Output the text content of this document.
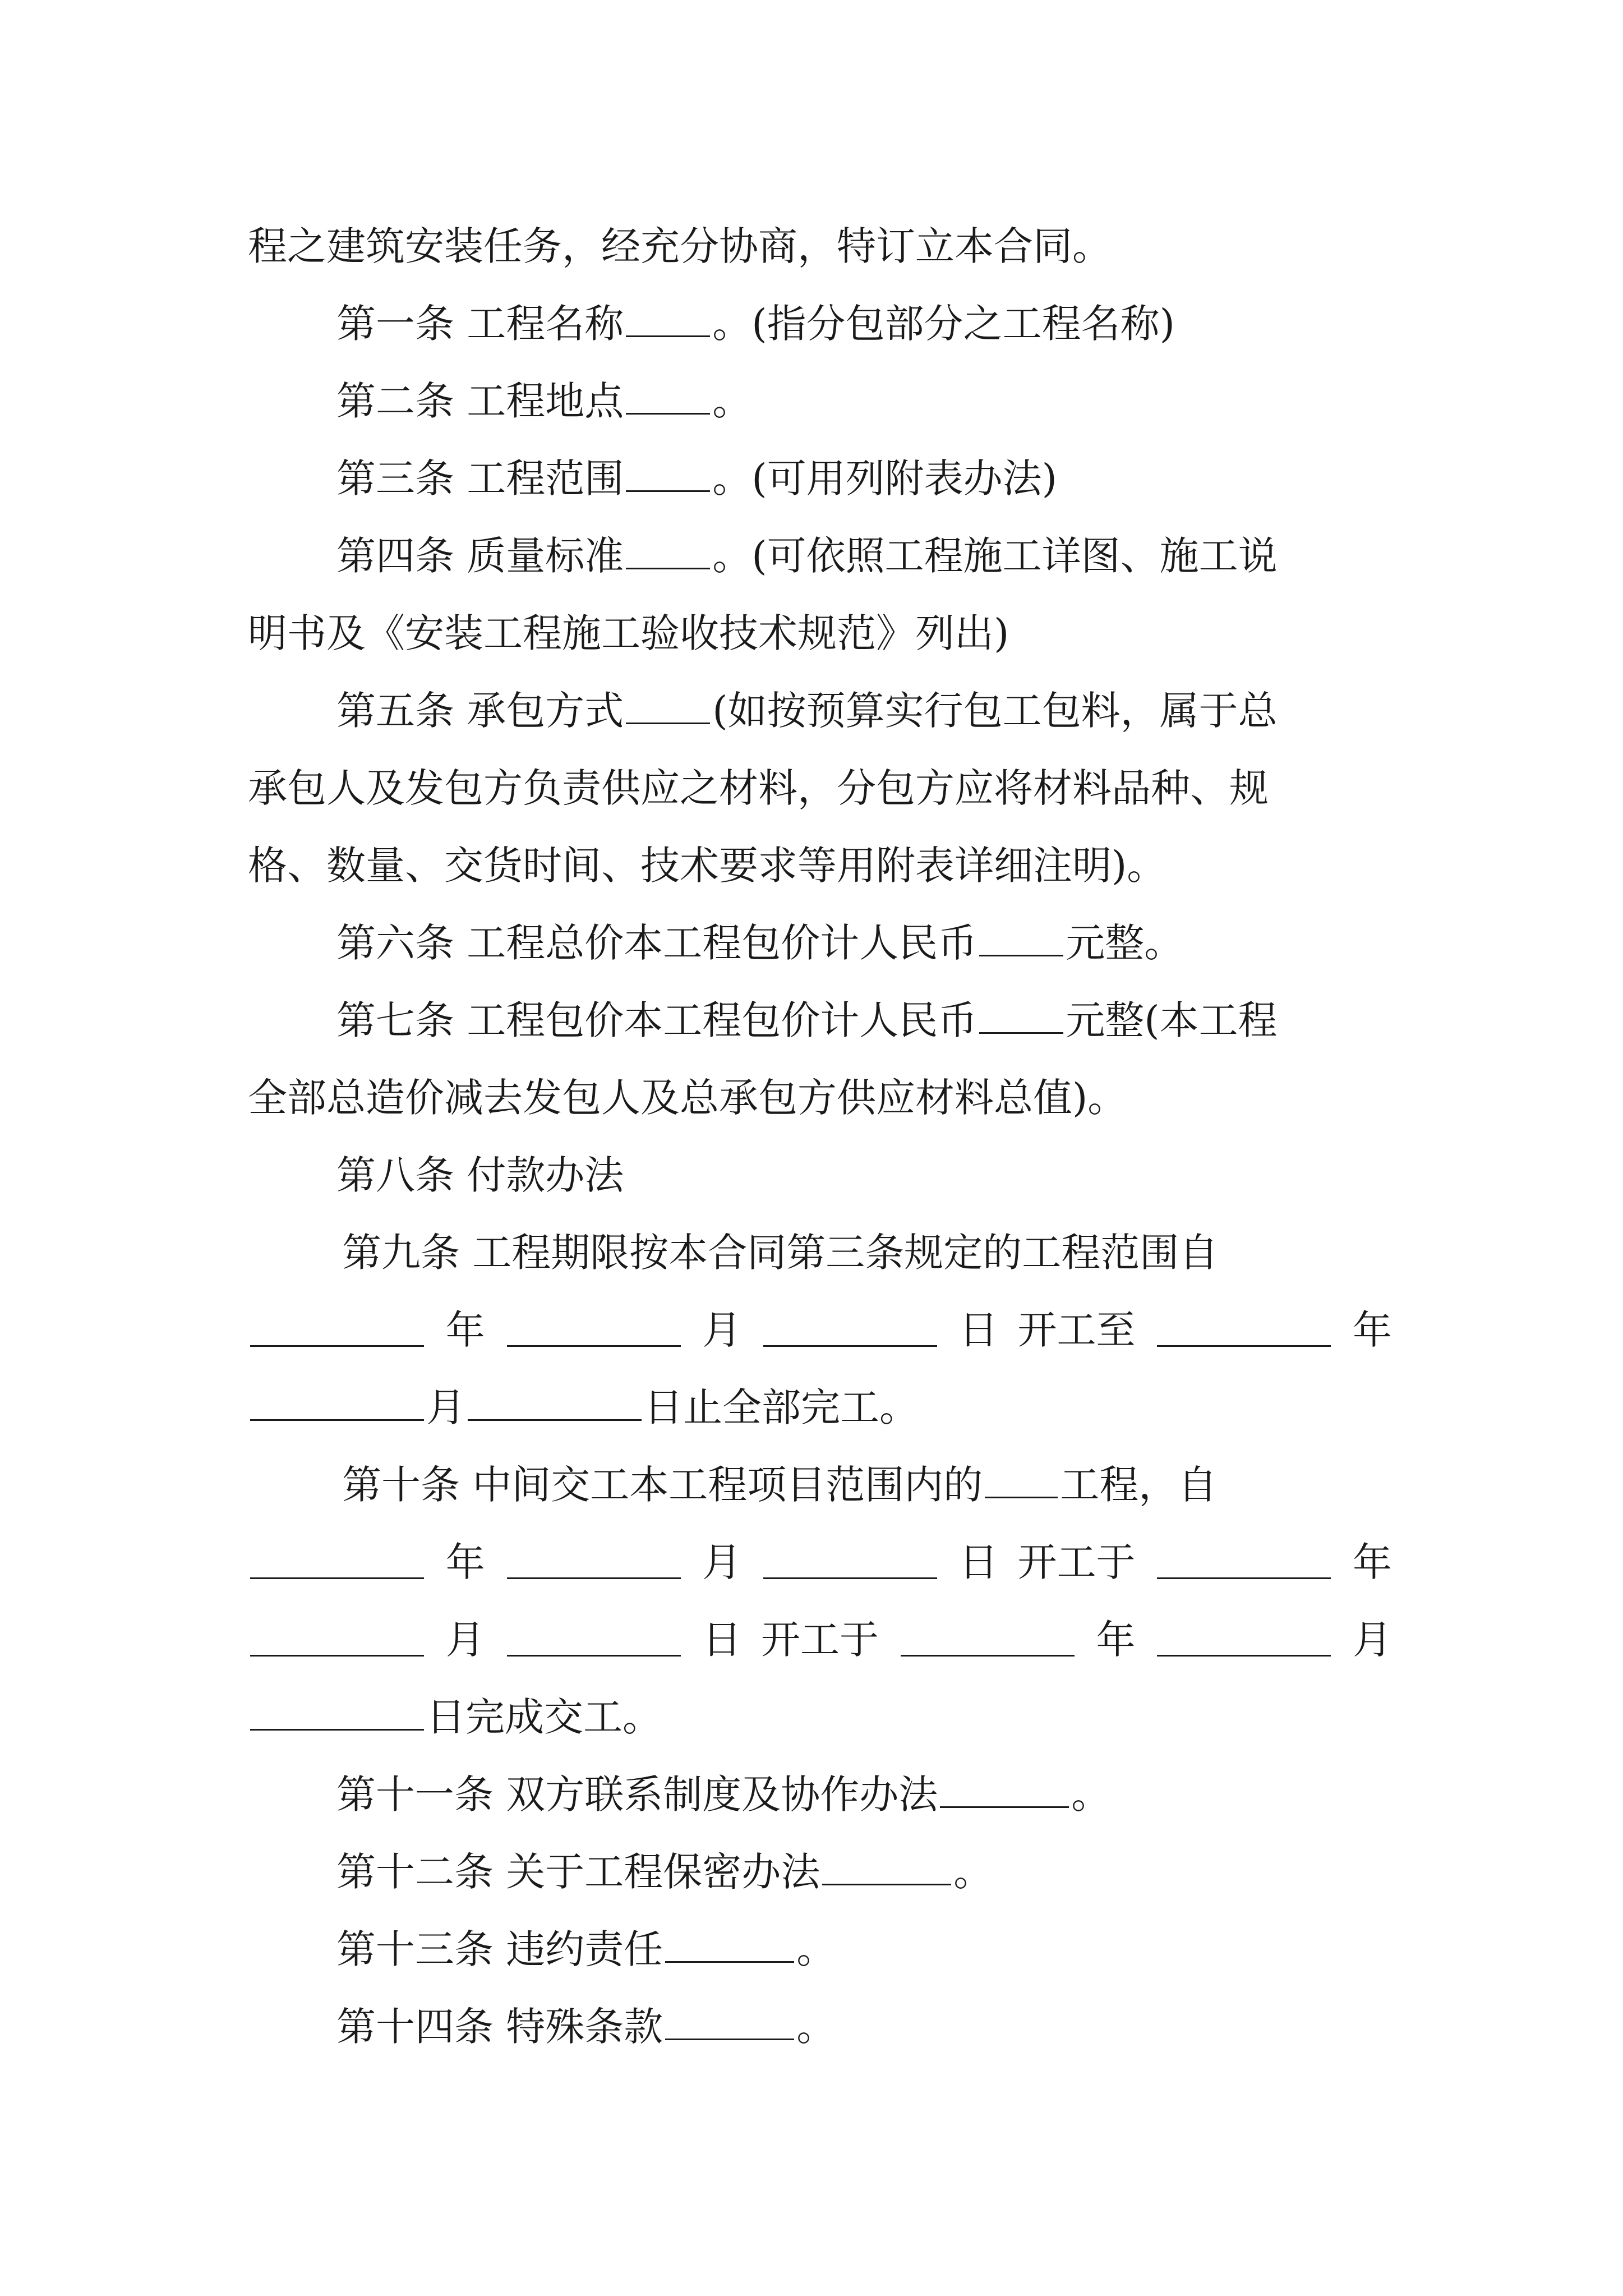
程之建筑安装任务，经充分协商，特订立本合同。
第一条 工程名称 。(指分包部分之工程名称)
第二条 工程地点 。
第三条 工程范围 。(可用列附表办法)
第四条 质量标准 。(可依照工程施工详图、施工说
明书及《安装工程施工验收技术规范》列出)
第五条 承包方式 (如按预算实行包工包料，属于总
承包人及发包方负责供应之材料，分包方应将材料品种、规
格、数量、交货时间、技术要求等用附表详细注明)。
第六条 工程总价本工程包价计人民币 元整。
第七条 工程包价本工程包价计人民币 元整(本工程
全部总造价减去发包人及总承包方供应材料总值)。
第八条 付款办法
第九条 工程期限按本合同第三条规定的工程范围自
年	月	日 开工至	年
月	日止全部完工。
第十条 中间交工本工程项目范围内的 工程，自
年	月	日 开工于	年
月	日 开工于	年	月
日完成交工。
第十一条 双方联系制度及协作办法	。
第十二条 关于工程保密办法	。
第十三条 违约责任	。
第十四条 特殊条款	。
